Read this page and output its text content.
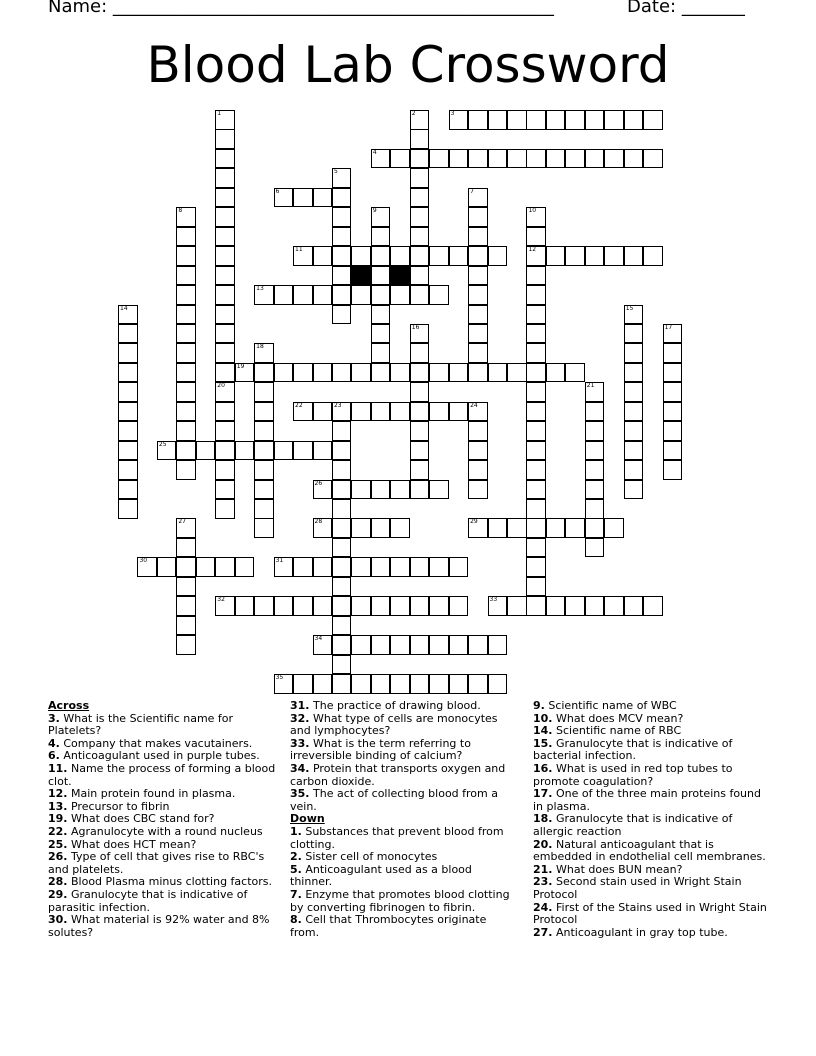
Name: _________________________________________________	Date: _______
Blood Lab Crossword
1
20
2	3
4
5
6	7
8	9	10
12
11
13
14	15
16	17
18
19
21
22	23	24
25
26
27	28	29
30	31
32	33
34
35
Across
3. What is the Scientific name for Platelets?
4. Company that makes vacutainers.
6. Anticoagulant used in purple tubes.
11. Name the process of forming a blood clot.
12. Main protein found in plasma.
13. Precursor to fibrin
19. What does CBC stand for?
22. Agranulocyte with a round nucleus
25. What does HCT mean?
26. Type of cell that gives rise to RBC's and platelets.
28. Blood Plasma minus clotting factors.
29. Granulocyte that is indicative of parasitic infection.
30. What material is 92% water and 8% solutes?
31. The practice of drawing blood.
32. What type of cells are monocytes and lymphocytes?
33. What is the term referring to irreversible binding of calcium?
34. Protein that transports oxygen and carbon dioxide.
35. The act of collecting blood from a vein.
Down
1. Substances that prevent blood from clotting.
2. Sister cell of monocytes
5. Anticoagulant used as a blood thinner.
7. Enzyme that promotes blood clotting by converting fibrinogen to fibrin.
8. Cell that Thrombocytes originate from.
9. Scientific name of WBC
10. What does MCV mean?
14. Scientific name of RBC
15. Granulocyte that is indicative of bacterial infection.
16. What is used in red top tubes to promote coagulation?
17. One of the three main proteins found in plasma.
18. Granulocyte that is indicative of allergic reaction
20. Natural anticoagulant that is embedded in endothelial cell membranes.
21. What does BUN mean?
23. Second stain used in Wright Stain Protocol
24. First of the Stains used in Wright Stain Protocol
27. Anticoagulant in gray top tube.
